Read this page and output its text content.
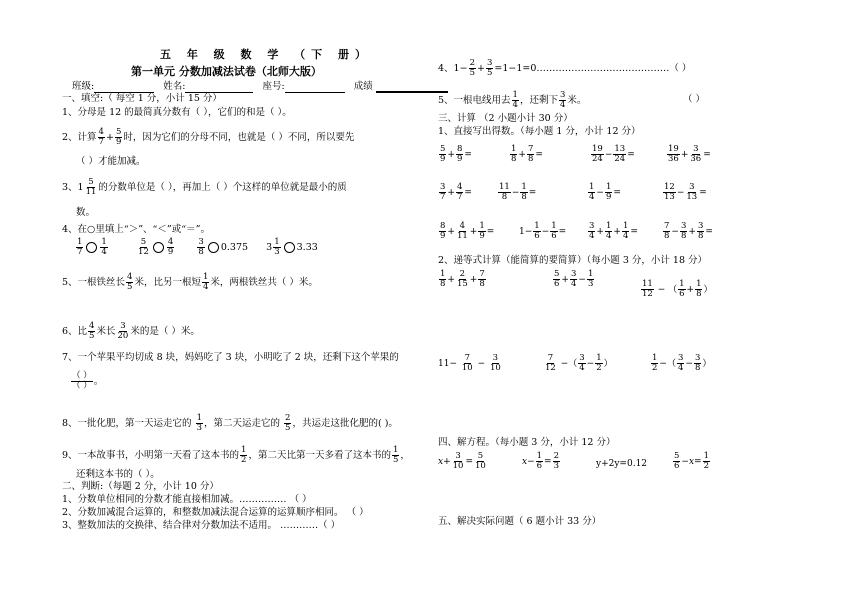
五 年 级 数 学 （下 册）
第一单元 分数加减法试卷（北师大版）
班级:	姓名:	座号:	成绩
一、填空:（ 每空 1 分，小计 15 分）
1、分母是 12 的最简真分数有（ ），它们的和是（ ）。
2、计算 $\frac{4}{7} + \frac{5}{9}$ 时，因为它们的分母不同，也就是（ ）不同，所以要先
（ ）才能加减。
3、$1 \frac{5}{11}$ 的分数单位是（ ），再加上（ ）个这样的单位就是最小的质
数。
4、在○里填上“＞”、“＜”或“＝”。
$\frac{1}{7} \frac{1}{4}$
	$\frac{5}{12} \frac{4}{9}$
	$\frac{3}{8} 0.375$      $3 \frac{1}{3} 3.33$
5、一根铁丝长 $\frac{4}{5}$ 米，比另一根短 $\frac{1}{4}$ 米，两根铁丝共（ ）米。
6、比 $\frac{4}{5}$ 米长 $\frac{3}{20}$ 米的是（ ）米。
7、一个苹果平均切成 8 块，妈妈吃了 3 块，小明吃了 2 块，还剩下这个苹果的
$\frac{( )}{( )}$ 。
8、一批化肥，第一天运走它的 $\frac{1}{3}$ ，第二天运走它的 $\frac{2}{5}$ ，共运走这批化肥的( )。
9、一本故事书，小明第一天看了这本书的 $\frac{1}{2}$ ，第二天比第一天多看了这本书的 $\frac{1}{5}$ ，
还剩这本书的（ ）。
二、判断:（每题 2 分，小计 10 分）
1、分数单位相同的分数才能直接相加减。…………… （ ）
2、分数加减混合运算的，和整数加减法混合运算的运算顺序相同。 （ ）
3、整数加法的交换律、结合律对分数加法不适用。 …………（ ）
4、$1- \frac{2}{5} + \frac{3}{5}$ =1−1=0……………………………………（ ）
5、一根电线用去 $\frac{1}{4}$ ，还剩下 $\frac{3}{4}$ 米。	（ ）
三、计算 （2 小题小计 30 分）
1、直接写出得数。（每小题 1 分，小计 12 分）
$\frac{5}{9} + \frac{8}{9}$ =	$\frac{1}{8} + \frac{7}{8}$ =	$\frac{19}{24} - \frac{13}{24}$ =	$\frac{19}{36} + \frac{3}{36}$ =
$\frac{3}{7} + \frac{4}{7}$ =	$\frac{11}{8} - \frac{1}{8}$ =	$\frac{1}{4} - \frac{1}{9}$ =	$\frac{12}{13} - \frac{3}{13}$ =
$\frac{8}{9} + \frac{4}{11} + \frac{1}{9}$ =	$1- \frac{1}{6} - \frac{1}{6}$ =	$\frac{3}{4} + \frac{1}{4} + \frac{1}{4}$ =	$\frac{7}{8} - \frac{3}{8} + \frac{3}{8}$ =
2、递等式计算（能简算的要简算）（每小题 3 分，小计 18 分）
$\frac{1}{8} + \frac{2}{15} + \frac{7}{8}$	$\frac{5}{6} + \frac{3}{4} - \frac{1}{3}$
$\frac{11}{12}$ − （ $\frac{1}{6} + \frac{1}{8}$ ）
$11- \frac{7}{10} - \frac{3}{10}$	$\frac{7}{12}$ −（ $\frac{3}{4} - \frac{1}{2}$ ）	$\frac{1}{2}$ −（ $\frac{3}{4} - \frac{3}{8}$ ）
四、解方程。（每小题 3 分，小计 12 分）
$x+ \frac{3}{10} = \frac{5}{10}$	$x- \frac{1}{6} = \frac{2}{3}$	y+2y=0.12	$\frac{5}{6} -x= \frac{1}{2}$
五、解决实际问题（ 6 题小计 33 分）
